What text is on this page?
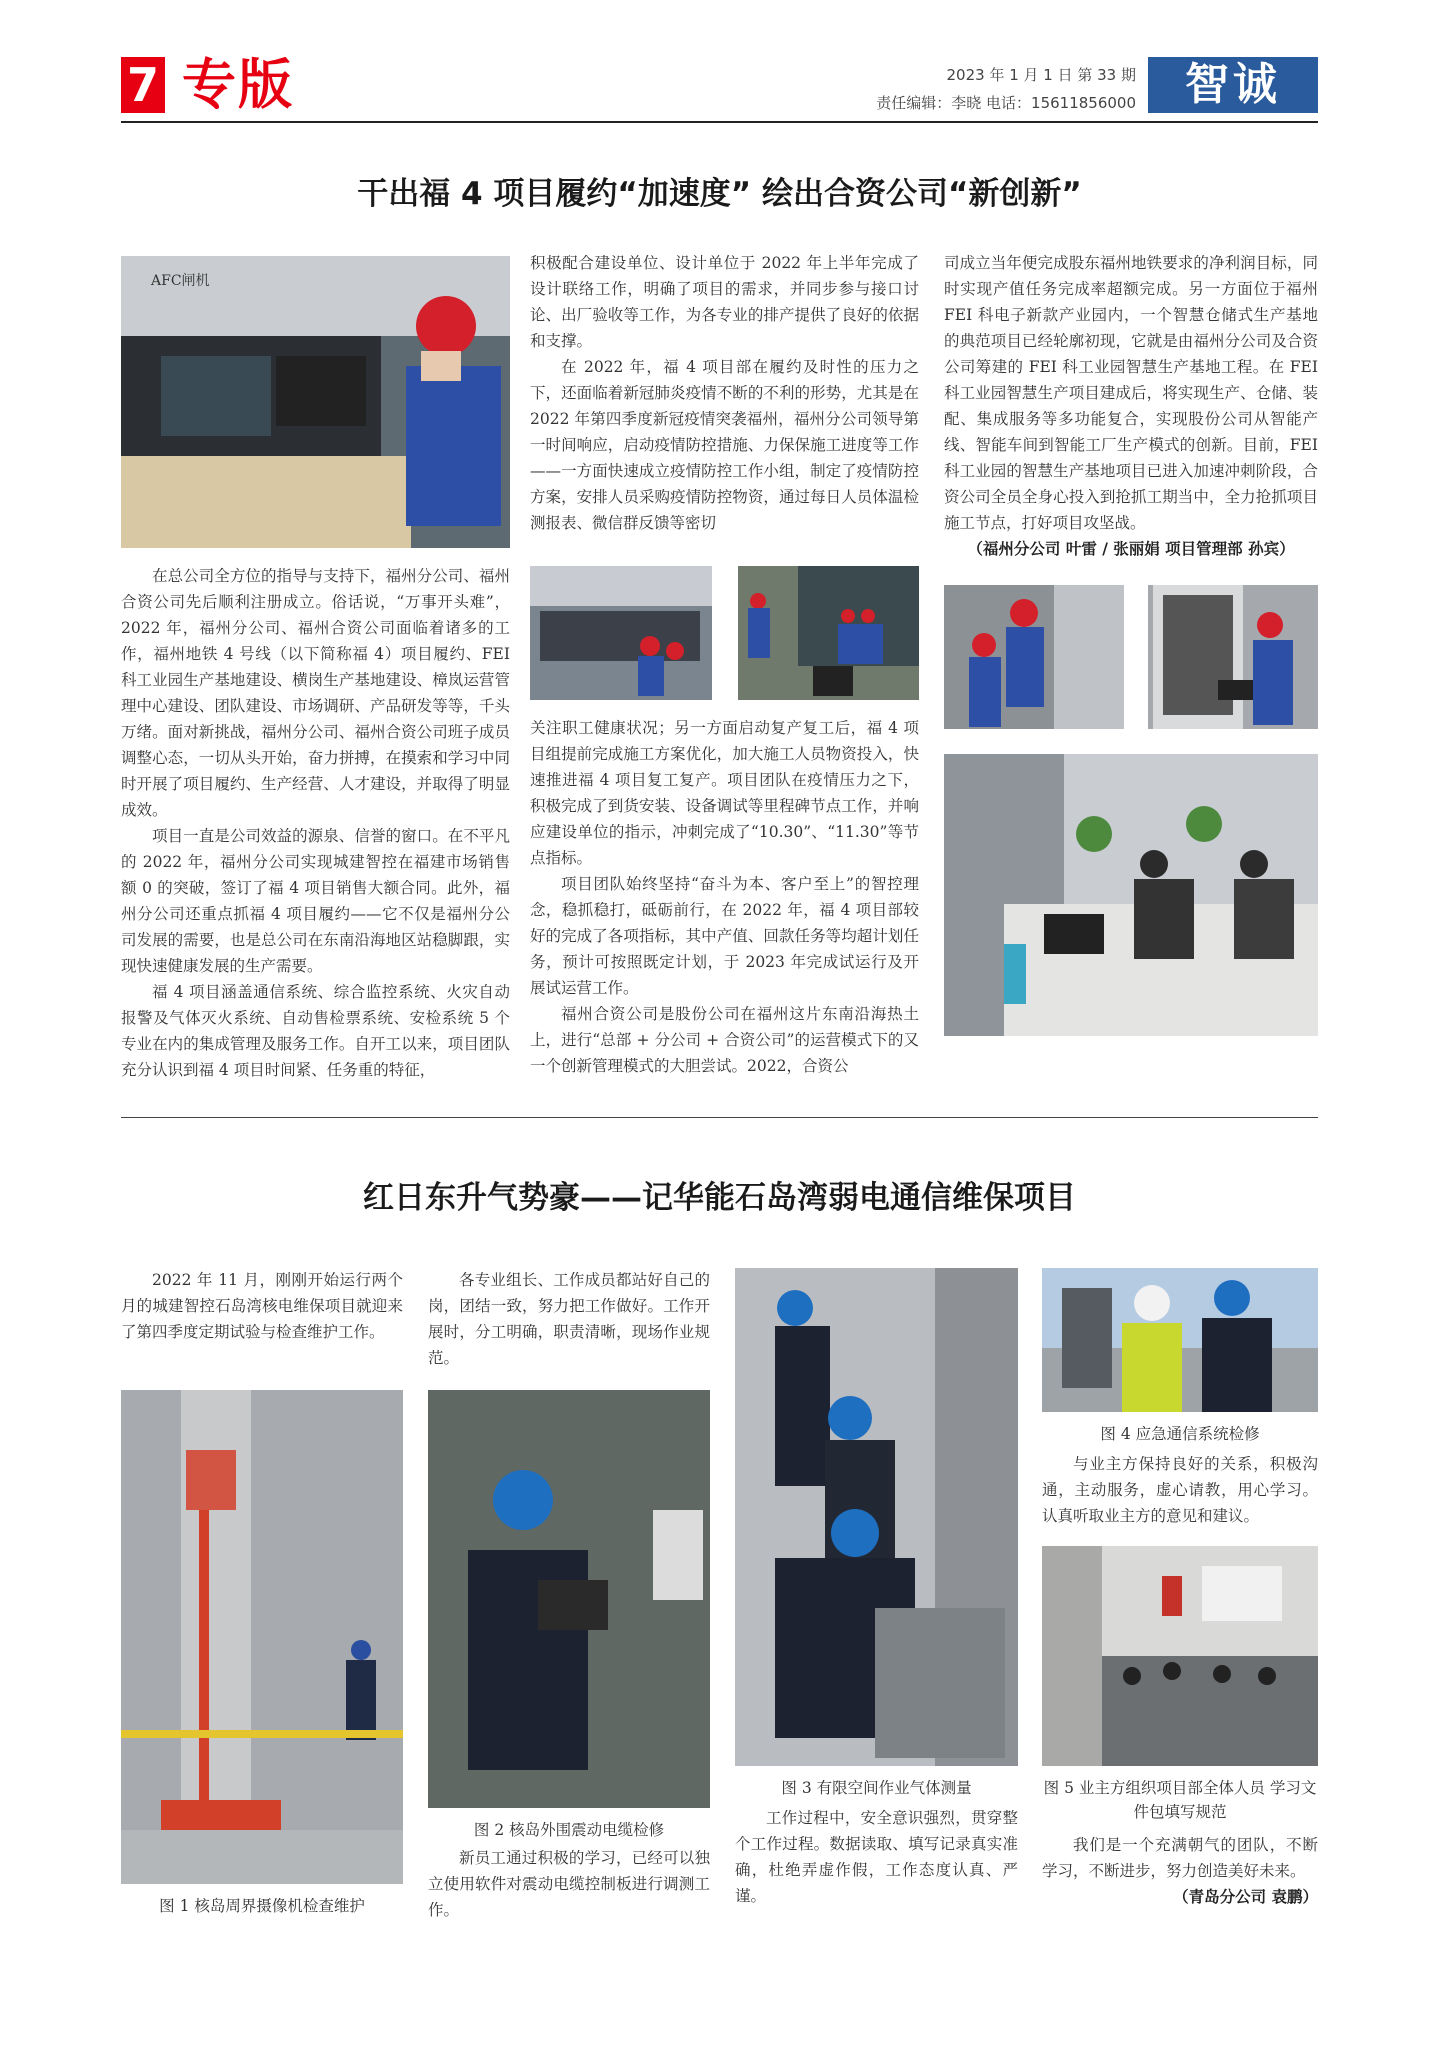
7 专版	2023 年 1 月 1 日 第 33 期
责任编辑：李晓 电话：15611856000	智诚
干出福 4 项目履约“加速度” 绘出合资公司“新创新”
AFC闸机

在总公司全方位的指导与支持下，福州分公司、福州合资公司先后顺利注册成立。俗话说，“万事开头难”，2022 年，福州分公司、福州合资公司面临着诸多的工作，福州地铁 4 号线（以下简称福 4）项目履约、FEI 科工业园生产基地建设、横岗生产基地建设、樟岚运营管理中心建设、团队建设、市场调研、产品研发等等，千头万绪。面对新挑战，福州分公司、福州合资公司班子成员调整心态，一切从头开始，奋力拼搏，在摸索和学习中同时开展了项目履约、生产经营、人才建设，并取得了明显成效。

项目一直是公司效益的源泉、信誉的窗口。在不平凡的 2022 年，福州分公司实现城建智控在福建市场销售额 0 的突破，签订了福 4 项目销售大额合同。此外，福州分公司还重点抓福 4 项目履约——它不仅是福州分公司发展的需要，也是总公司在东南沿海地区站稳脚跟，实现快速健康发展的生产需要。

福 4 项目涵盖通信系统、综合监控系统、火灾自动报警及气体灭火系统、自动售检票系统、安检系统 5 个专业在内的集成管理及服务工作。自开工以来，项目团队充分认识到福 4 项目时间紧、任务重的特征，

积极配合建设单位、设计单位于 2022 年上半年完成了设计联络工作，明确了项目的需求，并同步参与接口讨论、出厂验收等工作，为各专业的排产提供了良好的依据和支撑。

在 2022 年，福 4 项目部在履约及时性的压力之下，还面临着新冠肺炎疫情不断的不利的形势，尤其是在 2022 年第四季度新冠疫情突袭福州，福州分公司领导第一时间响应，启动疫情防控措施、力保保施工进度等工作——一方面快速成立疫情防控工作小组，制定了疫情防控方案，安排人员采购疫情防控物资，通过每日人员体温检测报表、微信群反馈等密切

关注职工健康状况；另一方面启动复产复工后，福 4 项目组提前完成施工方案优化，加大施工人员物资投入，快速推进福 4 项目复工复产。项目团队在疫情压力之下，积极完成了到货安装、设备调试等里程碑节点工作，并响应建设单位的指示，冲刺完成了“10.30”、“11.30”等节点指标。

项目团队始终坚持“奋斗为本、客户至上”的智控理念，稳抓稳打，砥砺前行，在 2022 年，福 4 项目部较好的完成了各项指标，其中产值、回款任务等均超计划任务，预计可按照既定计划，于 2023 年完成试运行及开展试运营工作。

福州合资公司是股份公司在福州这片东南沿海热土上，进行“总部 + 分公司 + 合资公司”的运营模式下的又一个创新管理模式的大胆尝试。2022，合资公

司成立当年便完成股东福州地铁要求的净利润目标，同时实现产值任务完成率超额完成。另一方面位于福州 FEI 科电子新款产业园内，一个智慧仓储式生产基地的典范项目已经轮廓初现，它就是由福州分公司及合资公司筹建的 FEI 科工业园智慧生产基地工程。在 FEI 科工业园智慧生产项目建成后，将实现生产、仓储、装配、集成服务等多功能复合，实现股份公司从智能产线、智能车间到智能工厂生产模式的创新。目前，FEI 科工业园的智慧生产基地项目已进入加速冲刺阶段，合资公司全员全身心投入到抢抓工期当中，全力抢抓项目施工节点，打好项目攻坚战。

（福州分公司 叶雷 / 张丽娟 项目管理部 孙宾）

红日东升气势豪——记华能石岛湾弱电通信维保项目

2022 年 11 月，刚刚开始运行两个月的城建智控石岛湾核电维保项目就迎来了第四季度定期试验与检查维护工作。

图 1 核岛周界摄像机检查维护

各专业组长、工作成员都站好自己的岗，团结一致，努力把工作做好。工作开展时，分工明确，职责清晰，现场作业规范。

图 2 核岛外围震动电缆检修

新员工通过积极的学习，已经可以独立使用软件对震动电缆控制板进行调测工作。

图 3 有限空间作业气体测量

工作过程中，安全意识强烈，贯穿整个工作过程。数据读取、填写记录真实准确，杜绝弄虚作假，工作态度认真、严谨。

图 4 应急通信系统检修

与业主方保持良好的关系，积极沟通，主动服务，虚心请教，用心学习。认真听取业主方的意见和建议。

图 5 业主方组织项目部全体人员 学习文件包填写规范

我们是一个充满朝气的团队，不断学习，不断进步，努力创造美好未来。

（青岛分公司 袁鹏）
